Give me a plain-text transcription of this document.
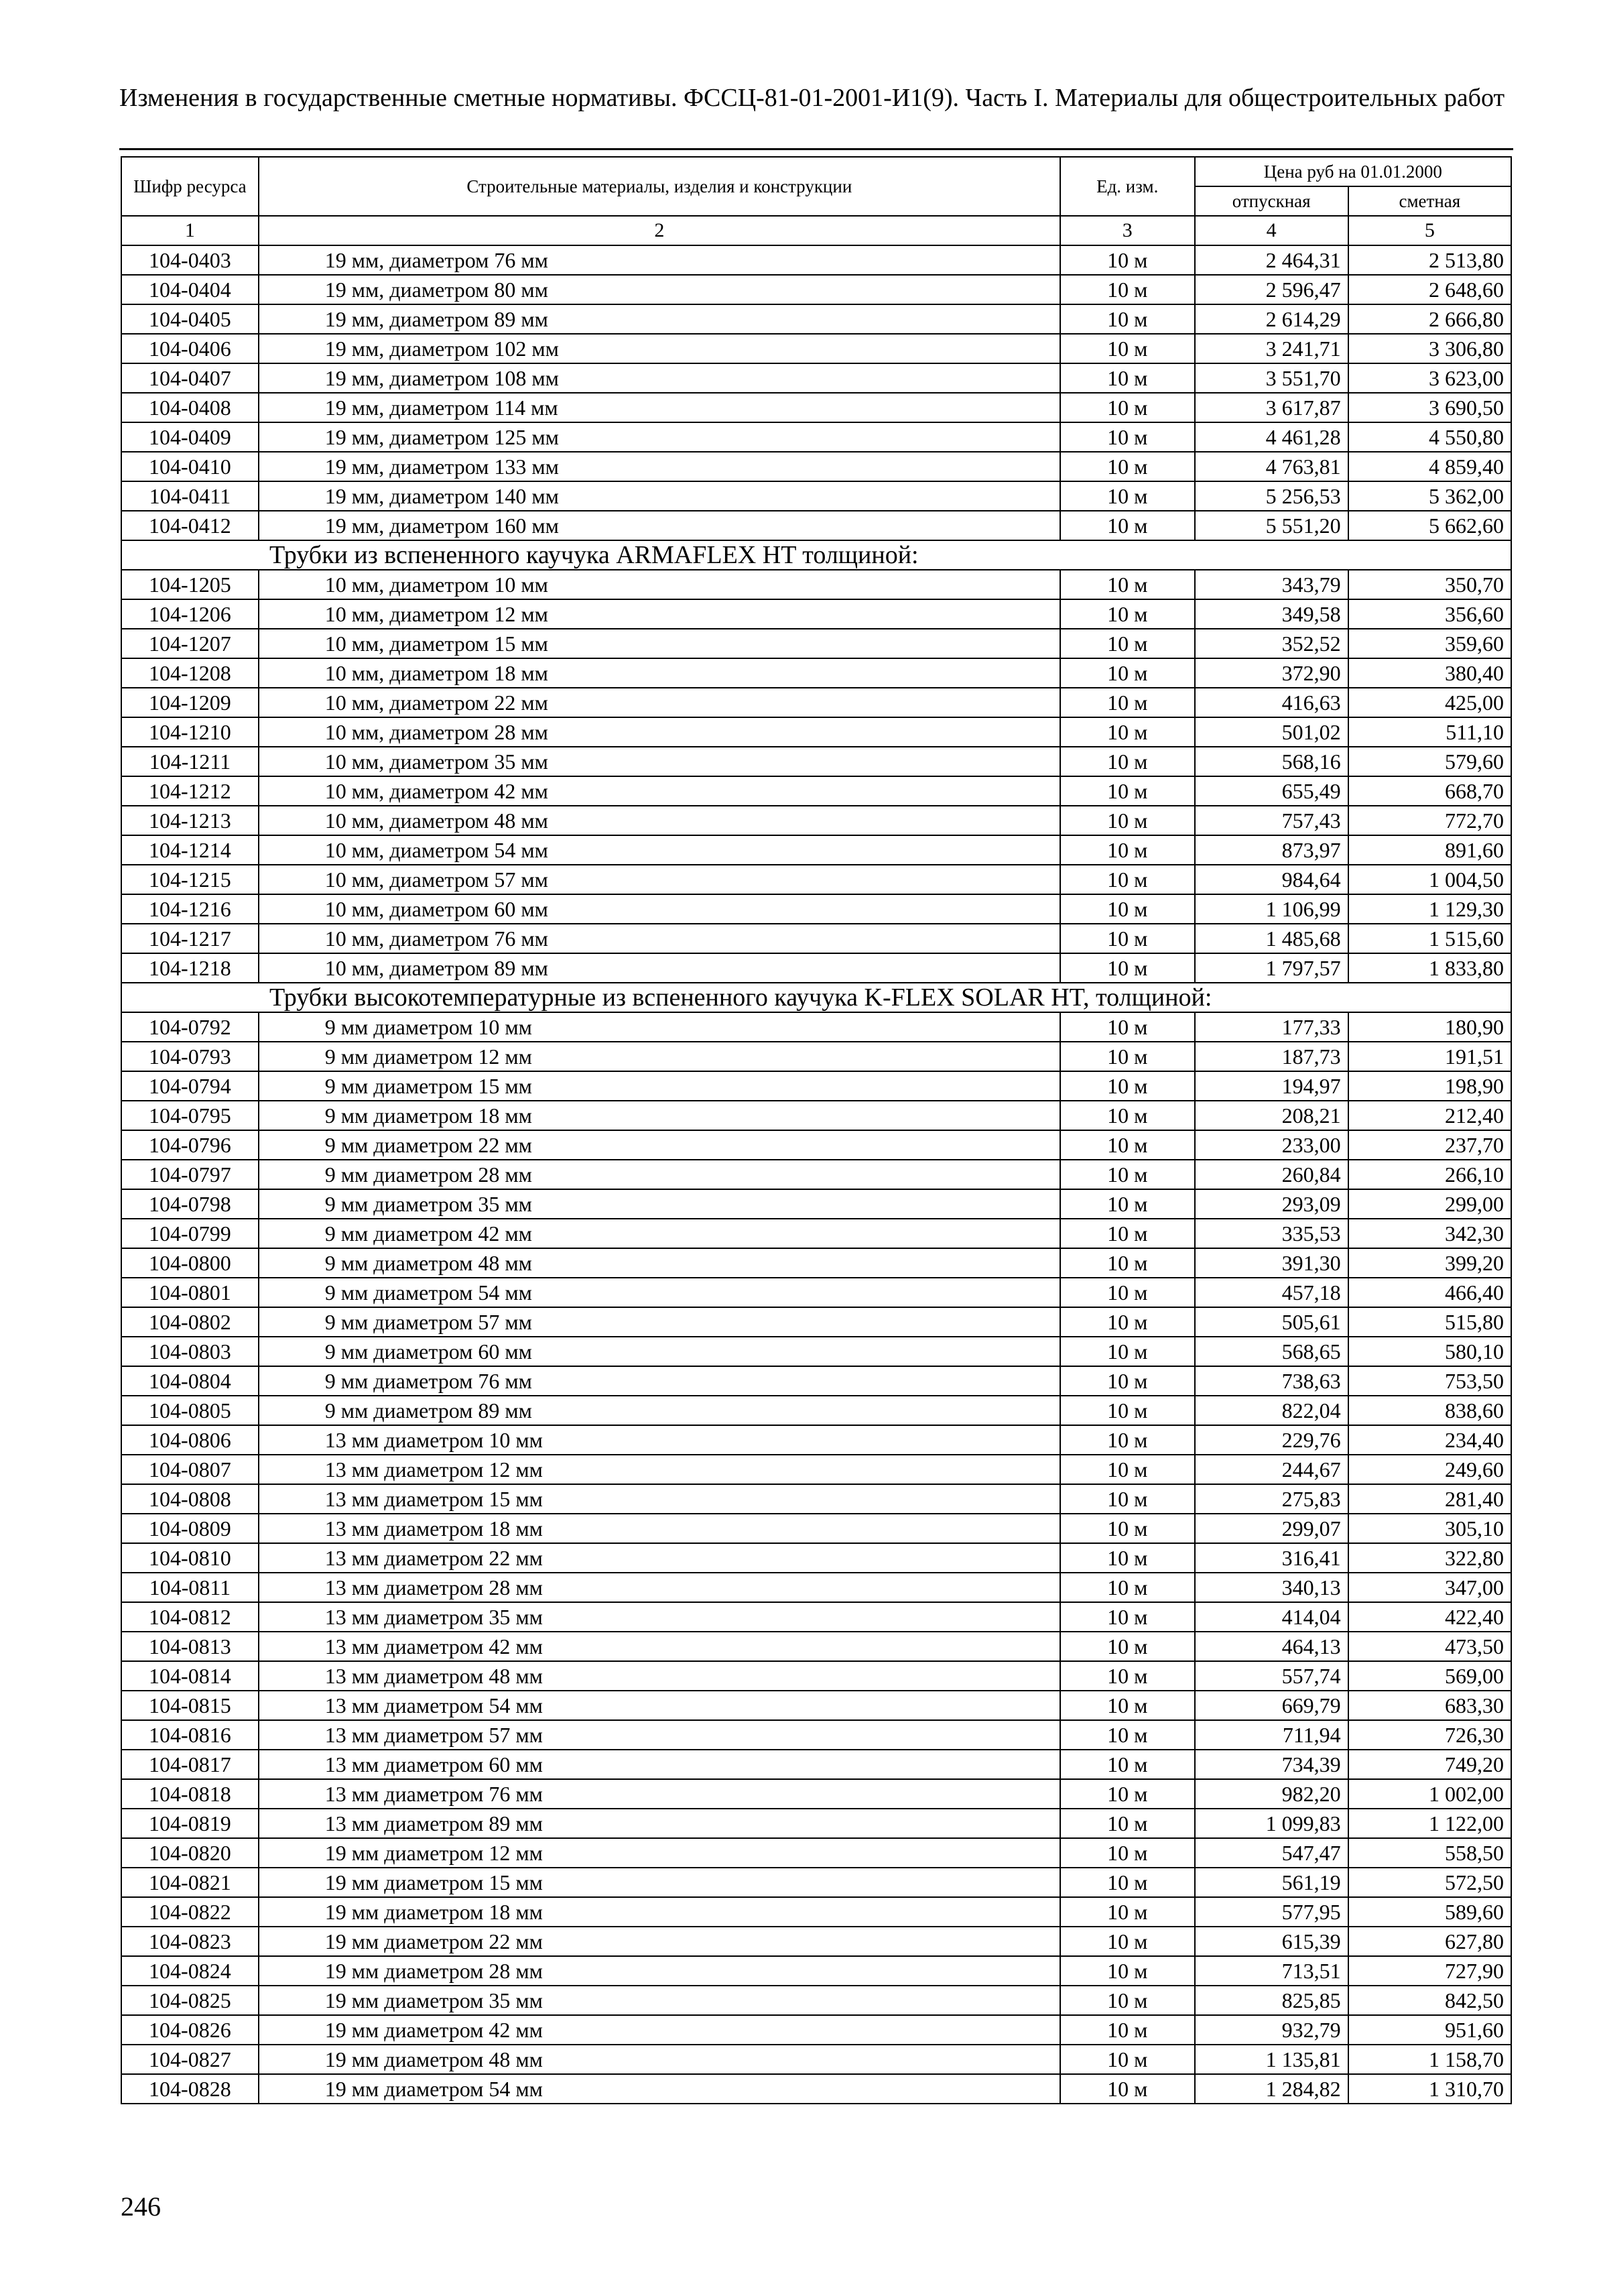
Изменения в государственные сметные нормативы. ФССЦ-81-01-2001-И1(9). Часть I. Материалы для общестроительных работ
Шифр ресурса	Строительные материалы, изделия и конструкции	Ед. изм.	Цена руб на 01.01.2000	
			отпускная	сметная
1	2	3	4	5
104-0403	19 мм, диаметром 76 мм	10 м	2 464,31	2 513,80
104-0404	19 мм, диаметром 80 мм	10 м	2 596,47	2 648,60
104-0405	19 мм, диаметром 89 мм	10 м	2 614,29	2 666,80
104-0406	19 мм, диаметром 102 мм	10 м	3 241,71	3 306,80
104-0407	19 мм, диаметром 108 мм	10 м	3 551,70	3 623,00
104-0408	19 мм, диаметром 114 мм	10 м	3 617,87	3 690,50
104-0409	19 мм, диаметром 125 мм	10 м	4 461,28	4 550,80
104-0410	19 мм, диаметром 133 мм	10 м	4 763,81	4 859,40
104-0411	19 мм, диаметром 140 мм	10 м	5 256,53	5 362,00
104-0412	19 мм, диаметром 160 мм	10 м	5 551,20	5 662,60
Трубки из вспененного каучука ARMAFLEX HT толщиной:				
104-1205	10 мм, диаметром 10 мм	10 м	343,79	350,70
104-1206	10 мм, диаметром 12 мм	10 м	349,58	356,60
104-1207	10 мм, диаметром 15 мм	10 м	352,52	359,60
104-1208	10 мм, диаметром 18 мм	10 м	372,90	380,40
104-1209	10 мм, диаметром 22 мм	10 м	416,63	425,00
104-1210	10 мм, диаметром 28 мм	10 м	501,02	511,10
104-1211	10 мм, диаметром 35 мм	10 м	568,16	579,60
104-1212	10 мм, диаметром 42 мм	10 м	655,49	668,70
104-1213	10 мм, диаметром 48 мм	10 м	757,43	772,70
104-1214	10 мм, диаметром 54 мм	10 м	873,97	891,60
104-1215	10 мм, диаметром 57 мм	10 м	984,64	1 004,50
104-1216	10 мм, диаметром 60 мм	10 м	1 106,99	1 129,30
104-1217	10 мм, диаметром 76 мм	10 м	1 485,68	1 515,60
104-1218	10 мм, диаметром 89 мм	10 м	1 797,57	1 833,80
Трубки высокотемпературные из вспененного каучука K-FLEX SOLAR HT, толщиной:				
104-0792	9 мм диаметром 10 мм	10 м	177,33	180,90
104-0793	9 мм диаметром 12 мм	10 м	187,73	191,51
104-0794	9 мм диаметром 15 мм	10 м	194,97	198,90
104-0795	9 мм диаметром 18 мм	10 м	208,21	212,40
104-0796	9 мм диаметром 22 мм	10 м	233,00	237,70
104-0797	9 мм диаметром 28 мм	10 м	260,84	266,10
104-0798	9 мм диаметром 35 мм	10 м	293,09	299,00
104-0799	9 мм диаметром 42 мм	10 м	335,53	342,30
104-0800	9 мм диаметром 48 мм	10 м	391,30	399,20
104-0801	9 мм диаметром 54 мм	10 м	457,18	466,40
104-0802	9 мм диаметром 57 мм	10 м	505,61	515,80
104-0803	9 мм диаметром 60 мм	10 м	568,65	580,10
104-0804	9 мм диаметром 76 мм	10 м	738,63	753,50
104-0805	9 мм диаметром 89 мм	10 м	822,04	838,60
104-0806	13 мм диаметром 10 мм	10 м	229,76	234,40
104-0807	13 мм диаметром 12 мм	10 м	244,67	249,60
104-0808	13 мм диаметром 15 мм	10 м	275,83	281,40
104-0809	13 мм диаметром 18 мм	10 м	299,07	305,10
104-0810	13 мм диаметром 22 мм	10 м	316,41	322,80
104-0811	13 мм диаметром 28 мм	10 м	340,13	347,00
104-0812	13 мм диаметром 35 мм	10 м	414,04	422,40
104-0813	13 мм диаметром 42 мм	10 м	464,13	473,50
104-0814	13 мм диаметром 48 мм	10 м	557,74	569,00
104-0815	13 мм диаметром 54 мм	10 м	669,79	683,30
104-0816	13 мм диаметром 57 мм	10 м	711,94	726,30
104-0817	13 мм диаметром 60 мм	10 м	734,39	749,20
104-0818	13 мм диаметром 76 мм	10 м	982,20	1 002,00
104-0819	13 мм диаметром 89 мм	10 м	1 099,83	1 122,00
104-0820	19 мм диаметром 12 мм	10 м	547,47	558,50
104-0821	19 мм диаметром 15 мм	10 м	561,19	572,50
104-0822	19 мм диаметром 18 мм	10 м	577,95	589,60
104-0823	19 мм диаметром 22 мм	10 м	615,39	627,80
104-0824	19 мм диаметром 28 мм	10 м	713,51	727,90
104-0825	19 мм диаметром 35 мм	10 м	825,85	842,50
104-0826	19 мм диаметром 42 мм	10 м	932,79	951,60
104-0827	19 мм диаметром 48 мм	10 м	1 135,81	1 158,70
104-0828	19 мм диаметром 54 мм	10 м	1 284,82	1 310,70
246
